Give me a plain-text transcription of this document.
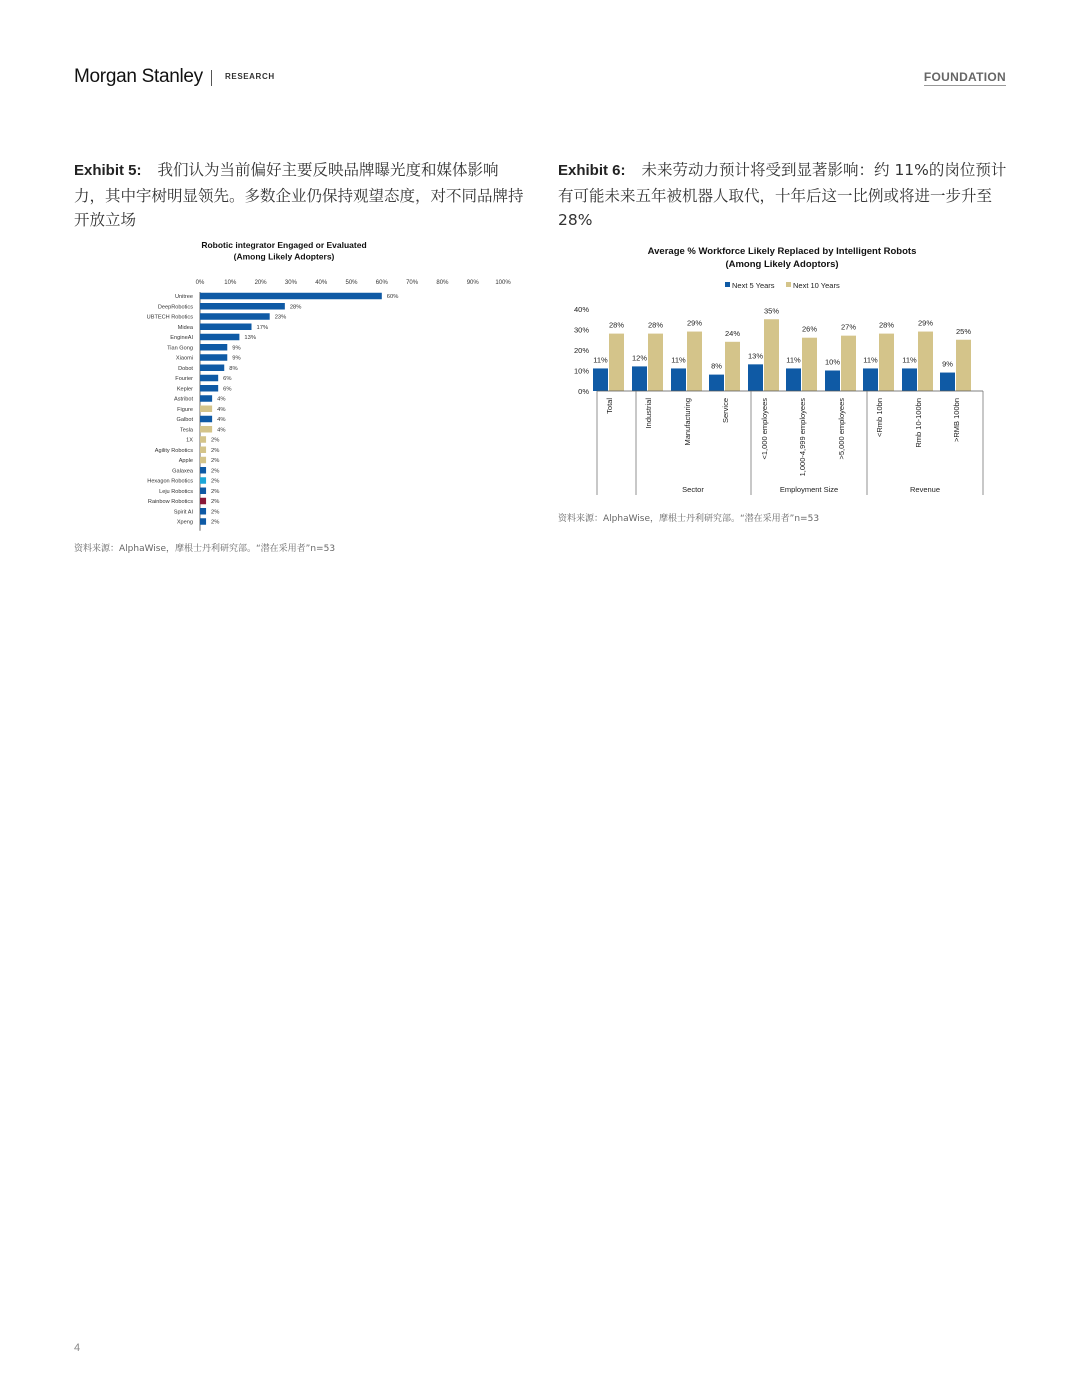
Morgan Stanley	RESEARCH	FOUNDATION
Exhibit 5: 我们认为当前偏好主要反映品牌曝光度和媒体影响力，其中宇树明显领先。多数企业仍保持观望态度，对不同品牌持开放立场
Exhibit 6: 未来劳动力预计将受到显著影响：约 11%的岗位预计有可能未来五年被机器人取代，十年后这一比例或将进一步升至28%
Robotic integrator Engaged or Evaluated
(Among Likely Adopters)
0%	10%	20%	30%	40%	50%	60%	70%	80%	90%	100%
Unitree	60%
DeepRobotics	28%
UBTECH Robotics	23%
Midea	17%
EngineAI	13%
Tian Gong	9%
Xiaomi	9%
Dobot	8%
Fourier	6%
Kepler	6%
Astribot	4%
Figure	4%
Galbot	4%
Tesla	4%
1X	2%
Agility Robotics	2%
Apple	2%
Galaxea	2%
Hexagon Robotics	2%
Leju Robotics	2%
Rainbow Robotics	2%
Spirit AI	2%
Xpeng	2%
Average % Workforce Likely Replaced by Intelligent Robots
(Among Likely Adoptors)
Next 5 Years Next 10 Years
0%
10%
20%
30%
40%
11%
28%
Total
12%
28%
Industrial
11%
29%
Manufacturing
8%
24%
Service
13%
35%
<1,000 employees
11%
26%
1,000-4,999 employees
10%
27%
>5,000 employees
11%
28%
<Rmb 10bn
11%
29%
Rmb 10-100bn
9%
25%
>RMB 100bn
Sector	Employment Size	Revenue
资料来源：AlphaWise，摩根士丹利研究部。“潜在采用者”n=53
资料来源：AlphaWise，摩根士丹利研究部。“潜在采用者”n=53
4
